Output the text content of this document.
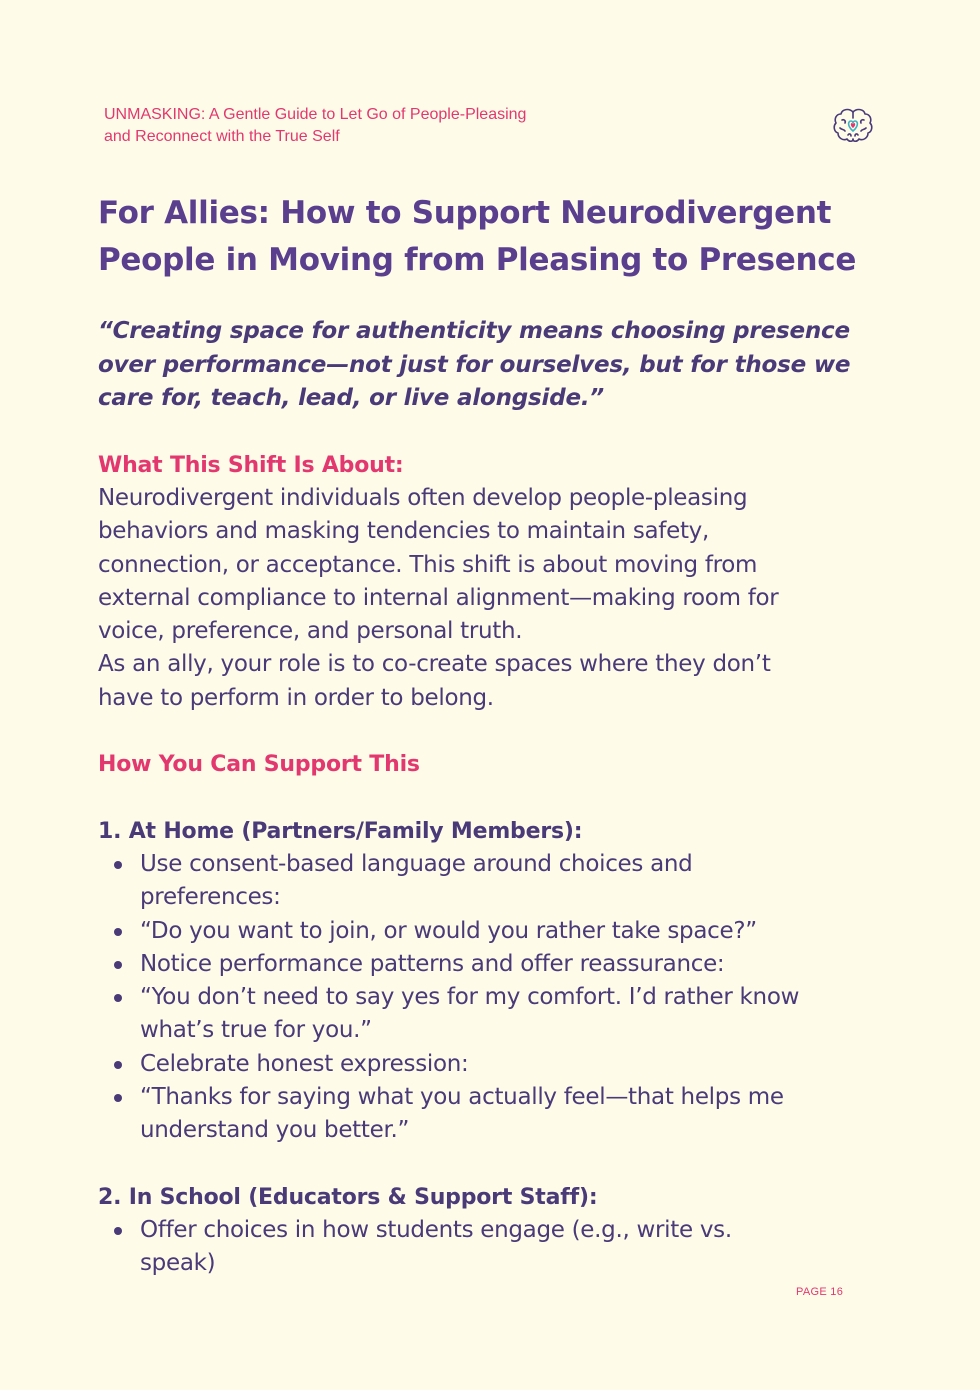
UNMASKING: A Gentle Guide to Let Go of People-Pleasing
and Reconnect with the True Self
For Allies: How to Support Neurodivergent
People in Moving from Pleasing to Presence
“Creating space for authenticity means choosing presence
over performance—not just for ourselves, but for those we
care for, teach, lead, or live alongside.”
What This Shift Is About:
Neurodivergent individuals often develop people-pleasing
behaviors and masking tendencies to maintain safety,
connection, or acceptance. This shift is about moving from
external compliance to internal alignment—making room for
voice, preference, and personal truth.
As an ally, your role is to co-create spaces where they don’t
have to perform in order to belong.
How You Can Support This
1. At Home (Partners/Family Members):
Use consent-based language around choices and
preferences:
“Do you want to join, or would you rather take space?”
Notice performance patterns and offer reassurance:
“You don’t need to say yes for my comfort. I’d rather know
what’s true for you.”
Celebrate honest expression:
“Thanks for saying what you actually feel—that helps me
understand you better.”
2. In School (Educators & Support Staff):
Offer choices in how students engage (e.g., write vs.
speak)
PAGE 16
